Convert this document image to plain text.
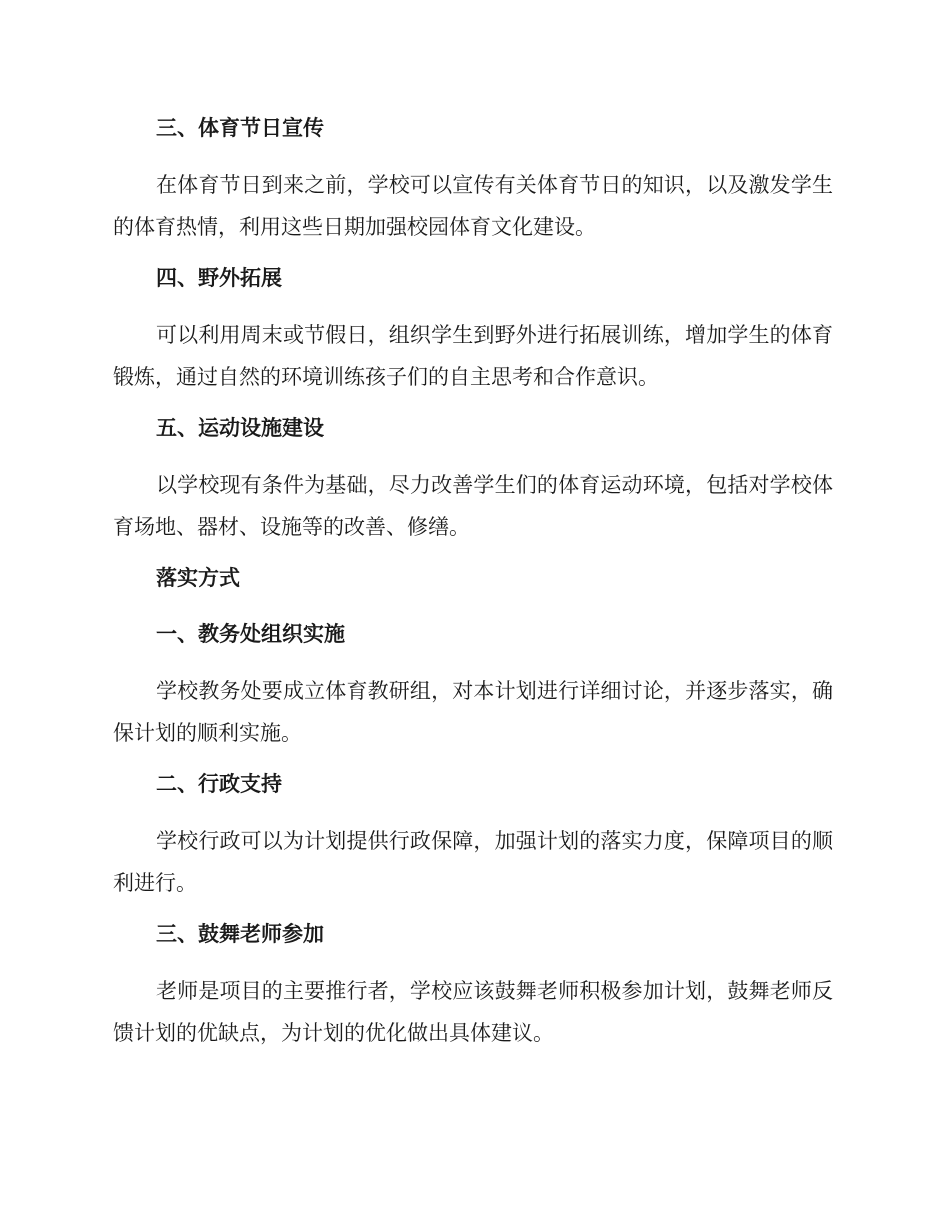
三、体育节日宣传

在体育节日到来之前，学校可以宣传有关体育节日的知识，以及激发学生的体育热情，利用这些日期加强校园体育文化建设。

四、野外拓展

可以利用周末或节假日，组织学生到野外进行拓展训练，增加学生的体育锻炼，通过自然的环境训练孩子们的自主思考和合作意识。

五、运动设施建设

以学校现有条件为基础，尽力改善学生们的体育运动环境，包括对学校体育场地、器材、设施等的改善、修缮。

落实方式
一、教务处组织实施

学校教务处要成立体育教研组，对本计划进行详细讨论，并逐步落实，确保计划的顺利实施。

二、行政支持

学校行政可以为计划提供行政保障，加强计划的落实力度，保障项目的顺利进行。

三、鼓舞老师参加

老师是项目的主要推行者，学校应该鼓舞老师积极参加计划，鼓舞老师反馈计划的优缺点，为计划的优化做出具体建议。
